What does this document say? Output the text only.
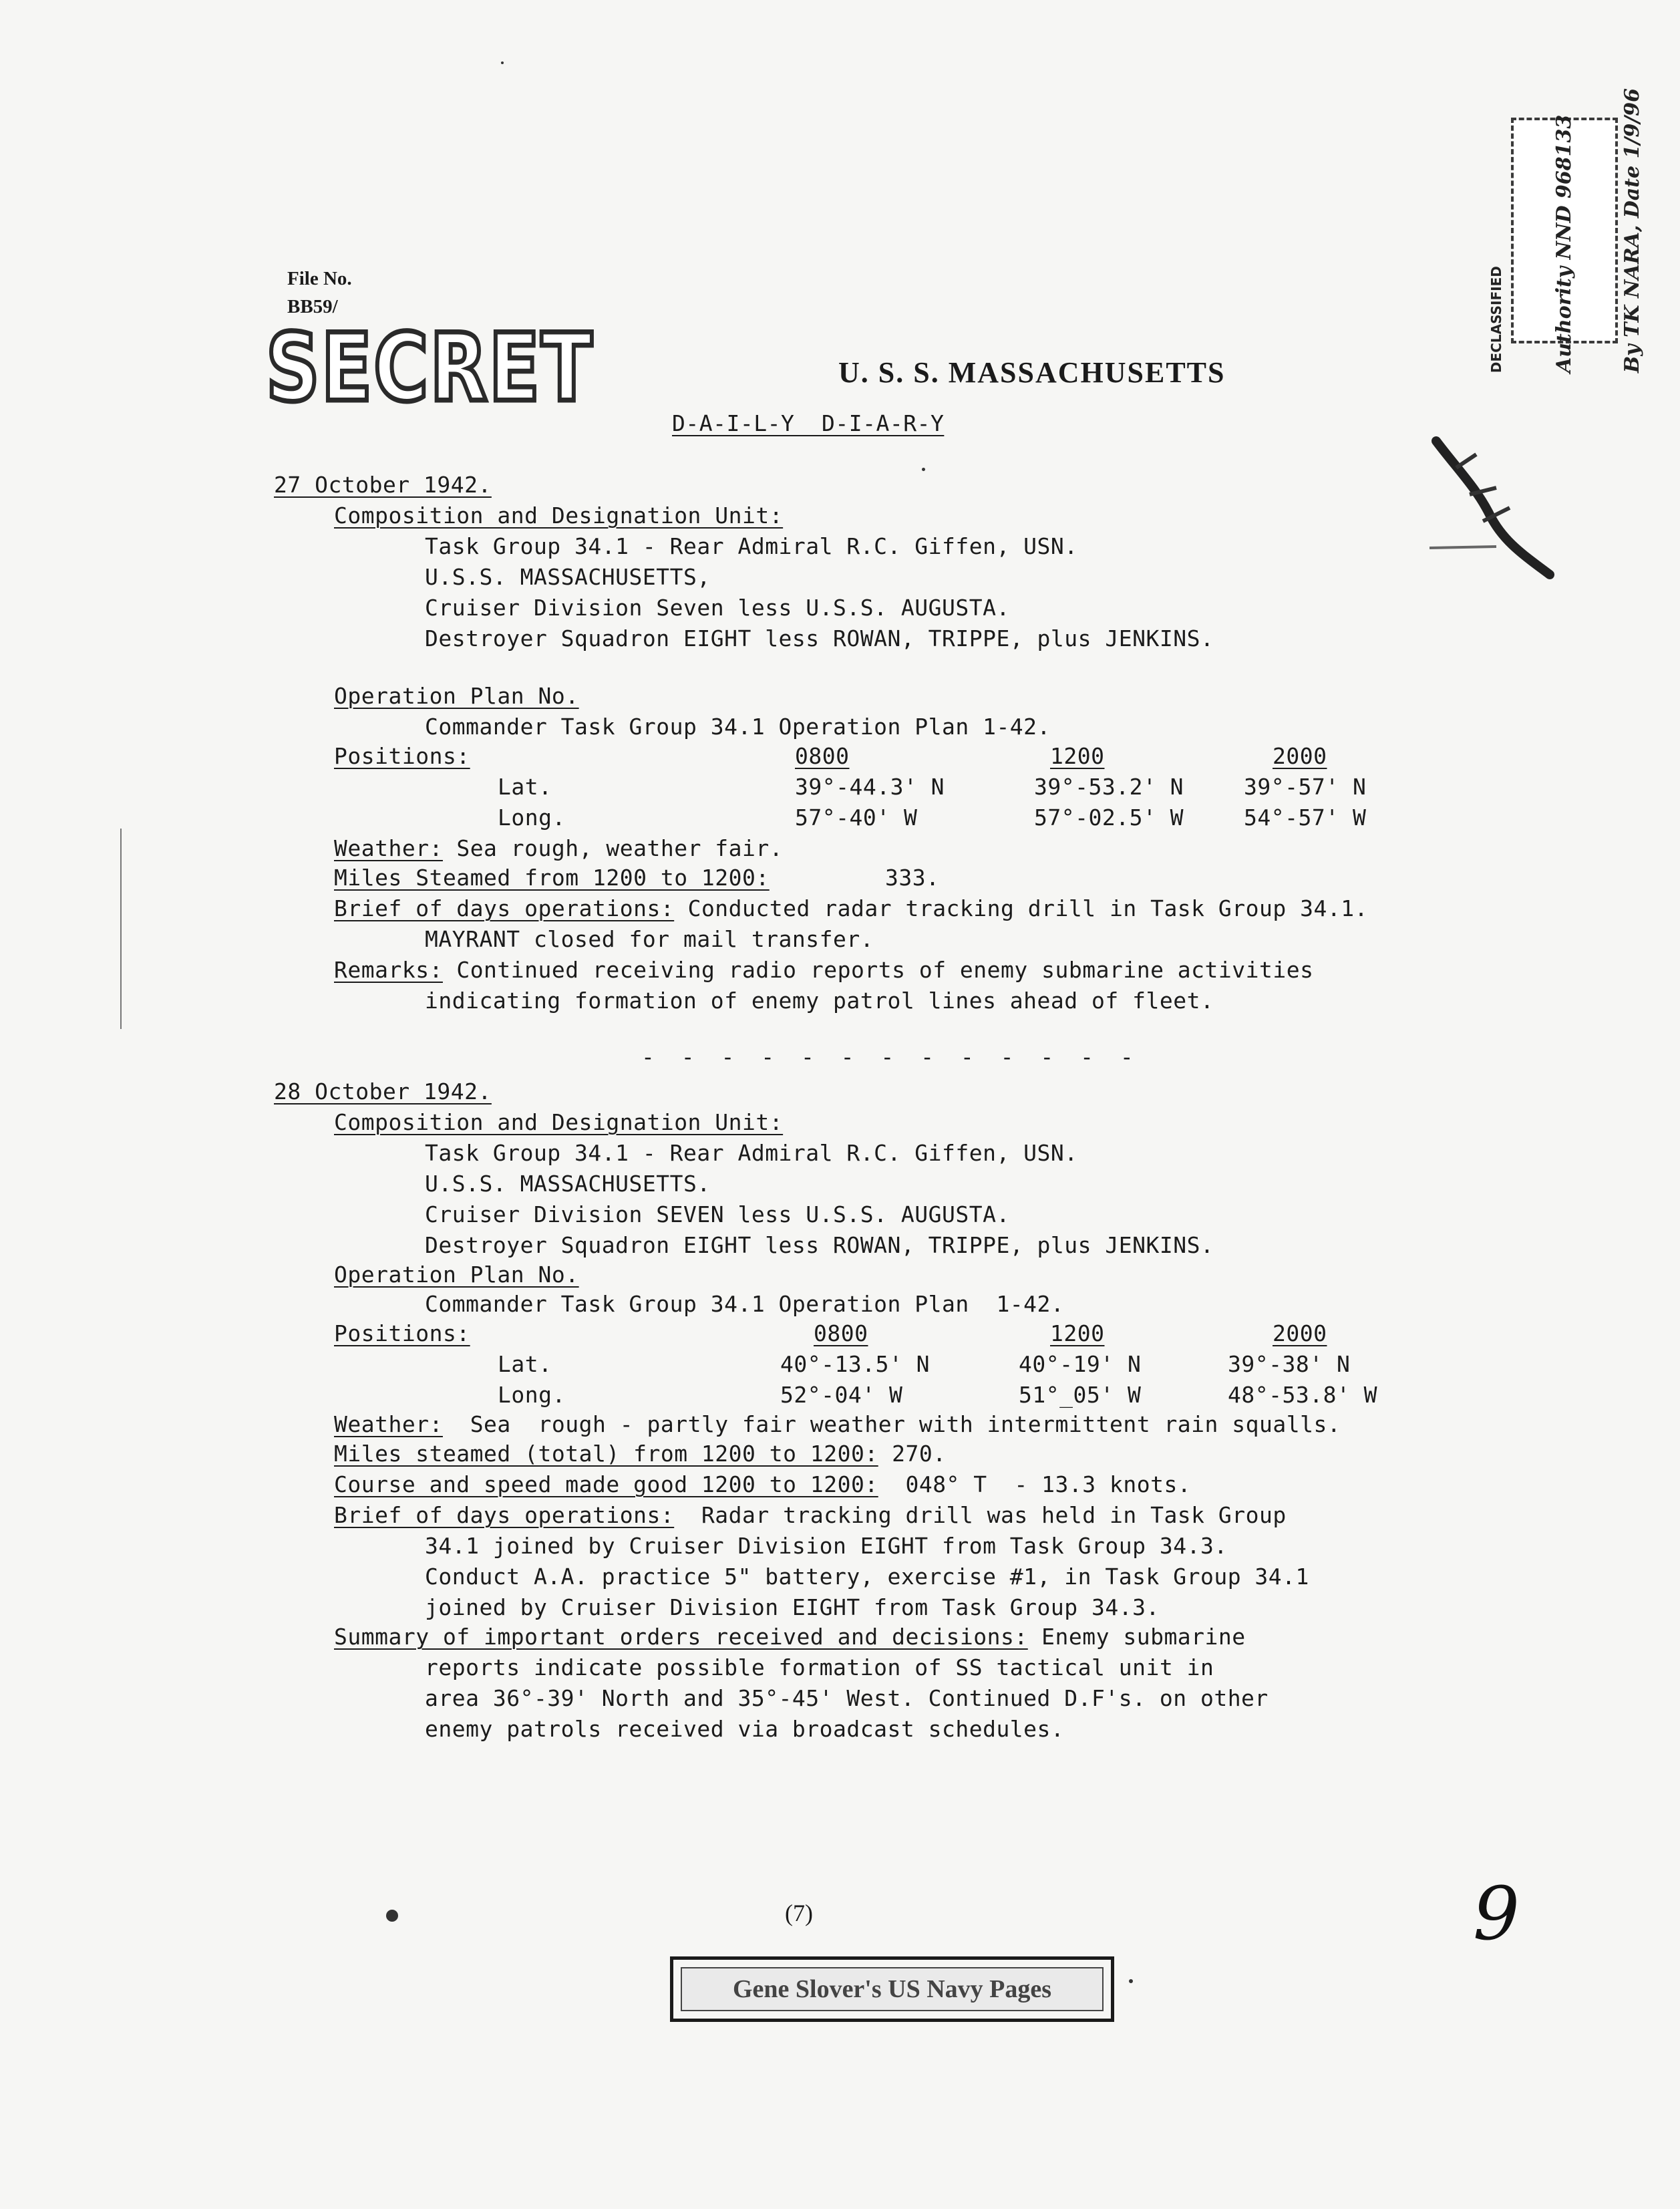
File No.
BB59/
SECRET	U. S. S. MASSACHUSETTS
D-A-I-L-Y  D-I-A-R-Y

DECLASSIFIED

Authority NND 968133

By TK NARA, Date 1/9/96

27 October 1942.
Composition and Designation Unit:
Task Group 34.1 - Rear Admiral R.C. Giffen, USN.
U.S.S. MASSACHUSETTS,
Cruiser Division Seven less U.S.S. AUGUSTA.
Destroyer Squadron EIGHT less ROWAN, TRIPPE, plus JENKINS.
Operation Plan No.
Commander Task Group 34.1 Operation Plan 1-42.
Positions:	0800	1200	2000
Lat.	39°-44.3' N	39°-53.2' N	39°-57' N
Long.	57°-40' W	57°-02.5' W	54°-57' W
Weather: Sea rough, weather fair.
Miles Steamed from 1200 to 1200:	333.
Brief of days operations: Conducted radar tracking drill in Task Group 34.1.
MAYRANT closed for mail transfer.
Remarks: Continued receiving radio reports of enemy submarine activities
indicating formation of enemy patrol lines ahead of fleet.
- - - - - - - - - - - - -
28 October 1942.
Composition and Designation Unit:
Task Group 34.1 - Rear Admiral R.C. Giffen, USN.
U.S.S. MASSACHUSETTS.
Cruiser Division SEVEN less U.S.S. AUGUSTA.
Destroyer Squadron EIGHT less ROWAN, TRIPPE, plus JENKINS.
Operation Plan No.
Commander Task Group 34.1 Operation Plan  1-42.
Positions:	0800	1200	2000
Lat.	40°-13.5' N	40°-19' N	39°-38' N
Long.	52°-04' W	51°_05' W	48°-53.8' W
Weather:  Sea  rough - partly fair weather with intermittent rain squalls.
Miles steamed (total) from 1200 to 1200: 270.
Course and speed made good 1200 to 1200:  048° T  - 13.3 knots.
Brief of days operations:  Radar tracking drill was held in Task Group
34.1 joined by Cruiser Division EIGHT from Task Group 34.3.
Conduct A.A. practice 5" battery, exercise #1, in Task Group 34.1
joined by Cruiser Division EIGHT from Task Group 34.3.
Summary of important orders received and decisions: Enemy submarine
reports indicate possible formation of SS tactical unit in
area 36°-39' North and 35°-45' West. Continued D.F's. on other
enemy patrols received via broadcast schedules.
(7)	9
Gene Slover's US Navy Pages
